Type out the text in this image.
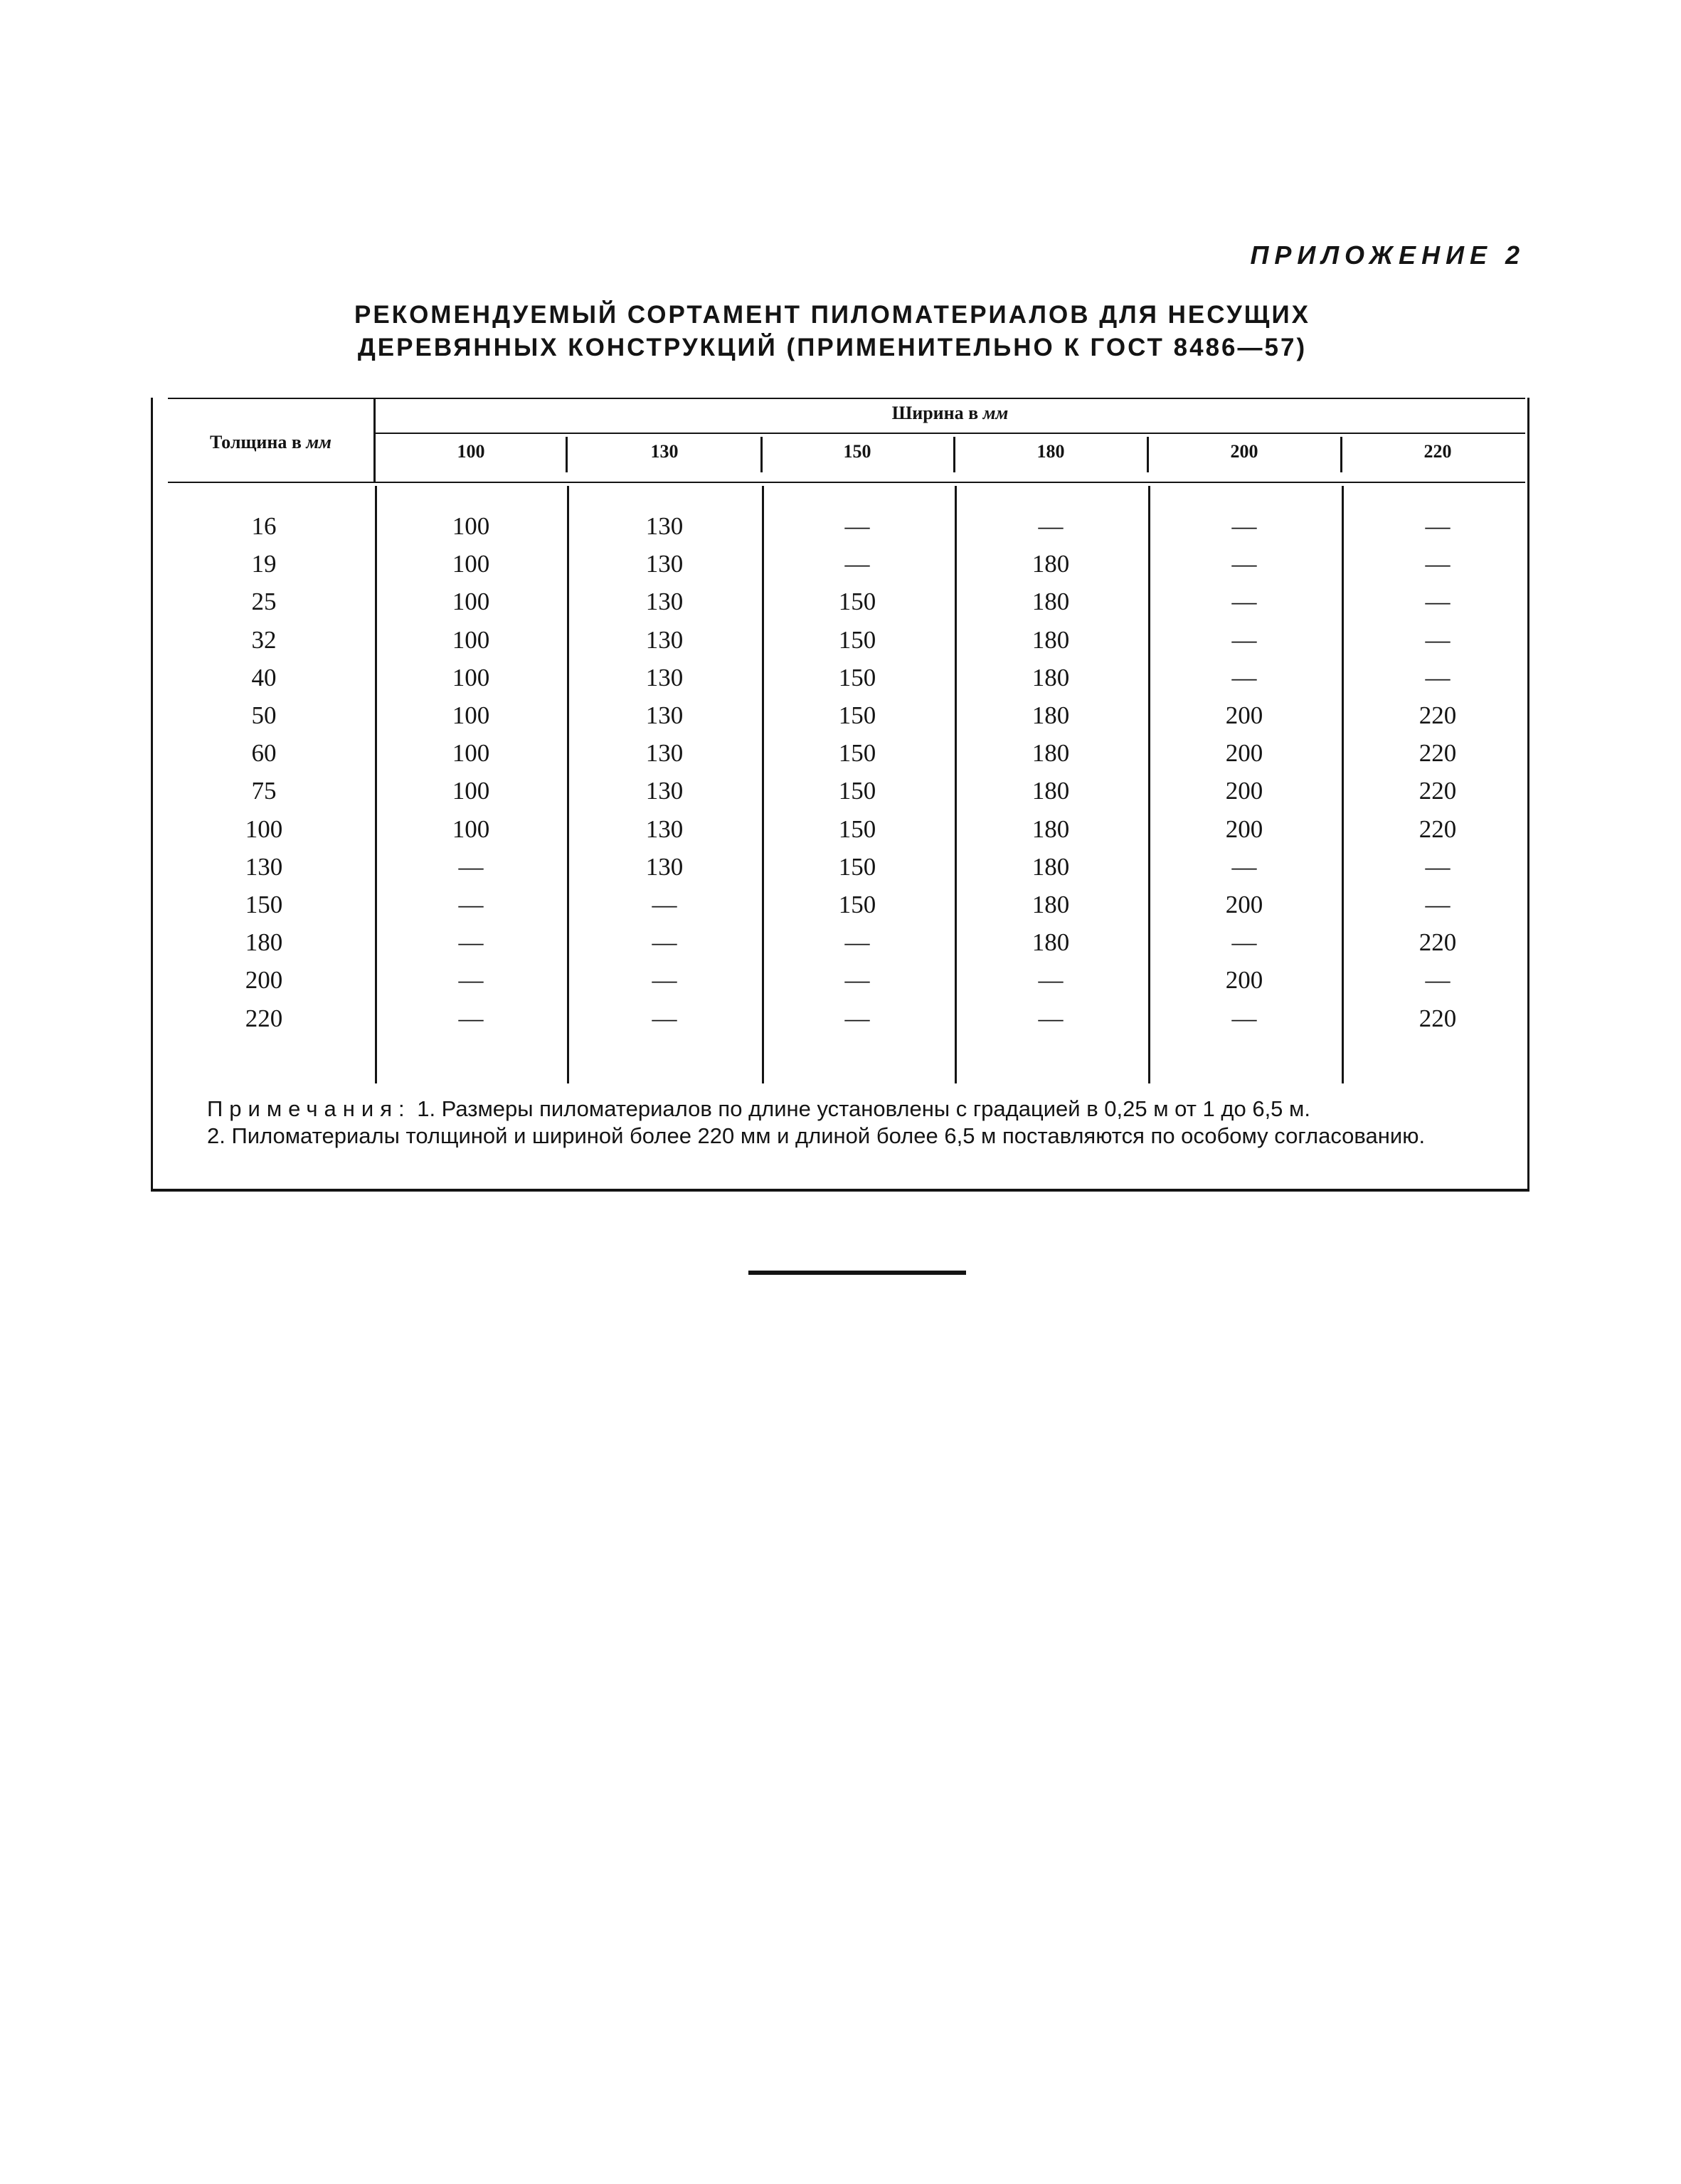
ПРИЛОЖЕНИЕ 2
РЕКОМЕНДУЕМЫЙ СОРТАМЕНТ ПИЛОМАТЕРИАЛОВ ДЛЯ НЕСУЩИХ
ДЕРЕВЯННЫХ КОНСТРУКЦИЙ (ПРИМЕНИТЕЛЬНО К ГОСТ 8486—57)
Толщина в мм
Ширина в мм
100	130	150	180	200	220
16	100	130	—	—	—	—
19	100	130	—	180	—	—
25	100	130	150	180	—	—
32	100	130	150	180	—	—
40	100	130	150	180	—	—
50	100	130	150	180	200	220
60	100	130	150	180	200	220
75	100	130	150	180	200	220
100	100	130	150	180	200	220
130	—	130	150	180	—	—
150	—	—	150	180	200	—
180	—	—	—	180	—	220
200	—	—	—	—	200	—
220	—	—	—	—	—	220
Примечания: 1. Размеры пиломатериалов по длине установлены с градацией в 0,25 м от 1 до 6,5 м.
2. Пиломатериалы толщиной и шириной более 220 мм и длиной более 6,5 м поставляются по особому согласованию.
